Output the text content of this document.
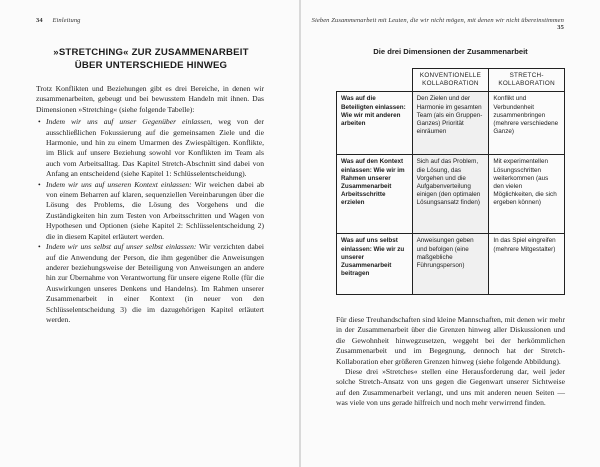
34 Einleitung
»STRETCHING« ZUR ZUSAMMENARBEIT
ÜBER UNTERSCHIEDE HINWEG

Trotz Konflikten und Beziehungen gibt es drei Bereiche, in denen wir zusammenarbeiten, gebeugt und bei bewusstem Handeln mit ihnen. Das Dimensionen »Stretching« (siehe folgende Tabelle):

• Indem wir uns auf unser Gegenüber einlassen, weg von der ausschließlichen Fokussierung auf die gemeinsamen Ziele und die Harmonie, und hin zu einem Umarmen des Zwiespältigen. Konflikte, im Blick auf unsere Beziehung sowohl vor Konflikten im Team als auch vom Arbeitsalltag. Das Kapitel Stretch-Abschnitt sind dabei von Anfang an entscheidend (siehe Kapitel 1: Schlüsselentscheidung).
• Indem wir uns auf unseren Kontext einlassen: Wir weichen dabei ab von einem Beharren auf klaren, sequenziellen Vereinbarungen über die Lösung des Problems, die Lösung des Vorgehens und die Zuständigkeiten hin zum Testen von Arbeitsschritten und Wagen von Hypothesen und Optionen (siehe Kapitel 2: Schlüsselentscheidung 2) die in diesem Kapitel erläutert werden.
• Indem wir uns selbst auf unser selbst einlassen: Wir verzichten dabei auf die Anwendung der Person, die ihm gegenüber die Anweisungen anderer beziehungsweise der Beteiligung von Anweisungen an andere hin zur Übernahme von Verantwortung für unsere eigene Rolle (für die Auswirkungen unseres Denkens und Handelns). Im Rahmen unserer Zusammenarbeit in einer Kontext (in neuer von den Schlüsselentscheidung 3) die im dazugehörigen Kapitel erläutert werden.
Sieben Zusammenarbeit mit Leuten, die wir nicht mögen, mit denen wir nicht übereinstimmen 35
Die drei Dimensionen der Zusammenarbeit
	KONVENTIONELLE KOLLABORATION	STRETCH-KOLLABORATION
Was auf die Beteiligten einlassen: Wie wir mit anderen arbeiten	Den Zielen und der Harmonie im gesamten Team (als ein Gruppen-Ganzes) Priorität einräumen	Konflikt und Verbundenheit zusammenbringen (mehrere verschiedene Ganze)
Was auf den Kontext einlassen: Wie wir im Rahmen unserer Zusammenarbeit Arbeitsschritte erzielen	Sich auf das Problem, die Lösung, das Vorgehen und die Aufgabenverteilung einigen (den optimalen Lösungsansatz finden)	Mit experimentellen Lösungsschritten weiterkommen (aus den vielen Möglichkeiten, die sich ergeben können)
Was auf uns selbst einlassen: Wie wir zu unserer Zusammenarbeit beitragen	Anweisungen geben und befolgen (eine maßgebliche Führungsperson)	In das Spiel eingreifen (mehrere Mitgestalter)

Für diese Treuhandschaften sind kleine Mannschaften, mit denen wir mehr in der Zusammenarbeit über die Grenzen hinweg aller Diskussionen und die Gewohnheit hinwegzusetzen, weggeht bei der herkömmlichen Zusammenarbeit und im Begegnung, dennoch hat der Stretch-Kollaboration eher größeren Grenzen hinweg (siehe folgende Abbildung).

Diese drei »Stretches« stellen eine Herausforderung dar, weil jeder solche Stretch-Ansatz von uns gegen die Gegenwart unserer Sichtweise auf den Zusammenarbeit verlangt, und uns mit anderen neuen Seiten — was viele von uns gerade hilfreich und noch mehr verwirrend finden.
